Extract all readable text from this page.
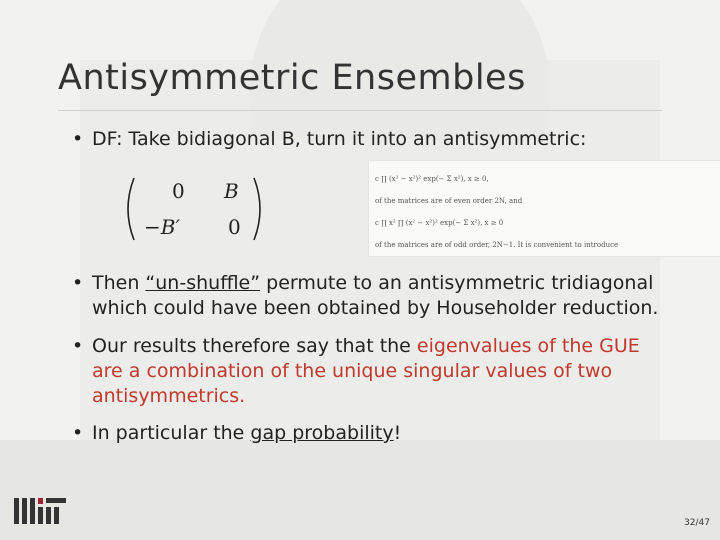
Antisymmetric Ensembles
• DF: Take bidiagonal B, turn it into an antisymmetric:
0 B
−B′ 0
c ∏ (x² − x²)² exp(− Σ x²), x ≥ 0,
of the matrices are of even order 2N, and
c ∏ x² ∏ (x² − x²)² exp(− Σ x²), x ≥ 0
of the matrices are of odd order, 2N−1. It is convenient to introduce
• Then “un-shuffle” permute to an antisymmetric tridiagonal
which could have been obtained by Householder reduction.
• Our results therefore say that the eigenvalues of the GUE
are a combination of the unique singular values of two
antisymmetrics.
• In particular the gap probability!
32/47
